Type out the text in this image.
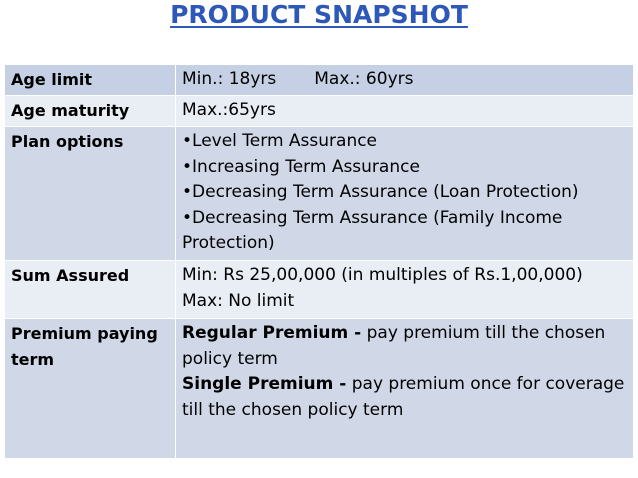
PRODUCT SNAPSHOT
Age limit	Min.: 18yrs Max.: 60yrs
Age maturity	Max.:65yrs
Plan options	•Level Term Assurance
•Increasing Term Assurance
•Decreasing Term Assurance (Loan Protection)
•Decreasing Term Assurance (Family Income Protection)

Sum Assured	Min: Rs 25,00,000 (in multiples of Rs.1,00,000)
Max: No limit

Premium paying term	Regular Premium - pay premium till the chosen policy term
Single Premium - pay premium once for coverage till the chosen policy term
